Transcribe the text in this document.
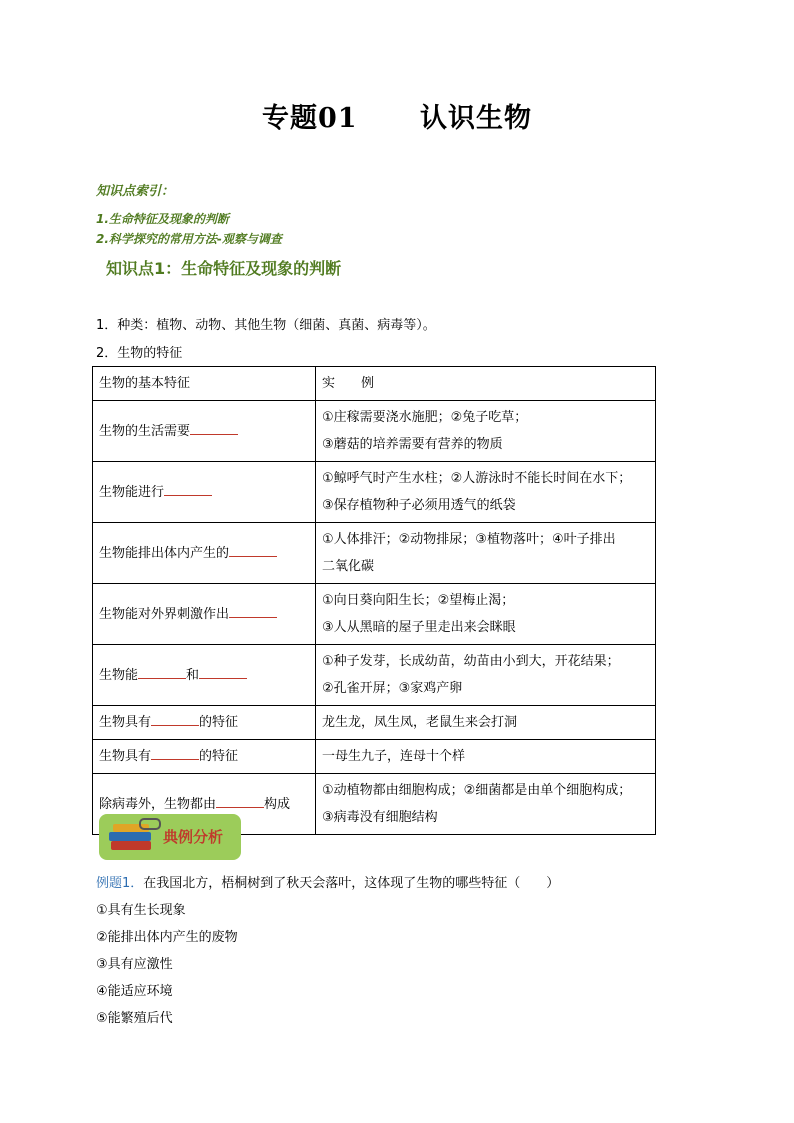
专题01      认识生物
知识点索引：
1.生命特征及现象的判断
2.科学探究的常用方法-观察与调查
知识点1：生命特征及现象的判断
1．种类：植物、动物、其他生物（细菌、真菌、病毒等）。
2．生物的特征
生物的基本特征	实　　例
生物的生活需要	①庄稼需要浇水施肥；②兔子吃草；
③蘑菇的培养需要有营养的物质

生物能进行	①鲸呼气时产生水柱；②人游泳时不能长时间在水下；
③保存植物种子必须用透气的纸袋

生物能排出体内产生的	①人体排汗；②动物排尿；③植物落叶；④叶子排出
二氧化碳

生物能对外界刺激作出	①向日葵向阳生长；②望梅止渴；
③人从黑暗的屋子里走出来会眯眼

生物能 和	①种子发芽，长成幼苗，幼苗由小到大，开花结果；
②孔雀开屏；③家鸡产卵

生物具有 的特征	龙生龙，凤生凤，老鼠生来会打洞

生物具有 的特征	一母生九子，连母十个样

除病毒外，生物都由 构成	①动植物都由细胞构成；②细菌都是由单个细胞构成；
③病毒没有细胞结构
典例分析
例题1．在我国北方，梧桐树到了秋天会落叶，这体现了生物的哪些特征（　　）
①具有生长现象
②能排出体内产生的废物
③具有应激性
④能适应环境
⑤能繁殖后代
